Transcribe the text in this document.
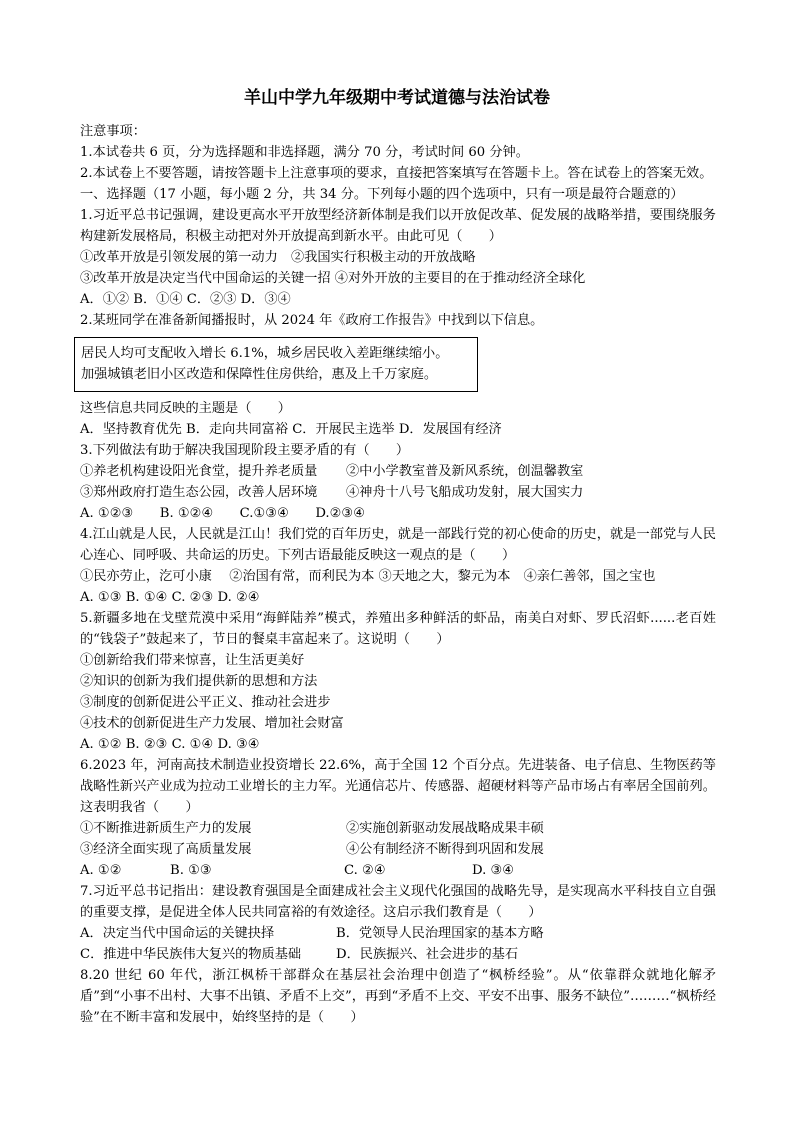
羊山中学九年级期中考试道德与法治试卷
注意事项：
1.本试卷共 6 页，分为选择题和非选择题，满分 70 分，考试时间 60 分钟。
2.本试卷上不要答题，请按答题卡上注意事项的要求，直接把答案填写在答题卡上。答在试卷上的答案无效。
一、选择题（17 小题，每小题 2 分，共 34 分。下列每小题的四个选项中，只有一项是最符合题意的）
1.习近平总书记强调，建设更高水平开放型经济新体制是我们以开放促改革、促发展的战略举措，要围绕服务构建新发展格局，积极主动把对外开放提高到新水平。由此可见（　　）
①改革开放是引领发展的第一动力　②我国实行积极主动的开放战略
③改革开放是决定当代中国命运的关键一招 ④对外开放的主要目的在于推动经济全球化
A．①② B．①④ C．②③ D．③④
2.某班同学在准备新闻播报时，从 2024 年《政府工作报告》中找到以下信息。
居民人均可支配收入增长 6.1%，城乡居民收入差距继续缩小。
加强城镇老旧小区改造和保障性住房供给，惠及上千万家庭。
这些信息共同反映的主题是（　　）
A．坚持教育优先 B．走向共同富裕 C．开展民主选举 D．发展国有经济
3.下列做法有助于解决我国现阶段主要矛盾的有（　　）
①养老机构建设阳光食堂，提升养老质量	②中小学教室普及新风系统，创温馨教室
③郑州政府打造生态公园，改善人居环境	④神舟十八号飞船成功发射，展大国实力
A. ①②③　　B. ①②④　　C.①③④　　D.②③④
4.江山就是人民，人民就是江山！我们党的百年历史，就是一部践行党的初心使命的历史，就是一部党与人民心连心、同呼吸、共命运的历史。下列古语最能反映这一观点的是（　　）
①民亦劳止，汔可小康　 ②治国有常，而利民为本 ③天地之大，黎元为本　④亲仁善邻，国之宝也
A. ①③ B. ①④ C. ②③ D. ②④
5.新疆多地在戈壁荒漠中采用“海鲜陆养”模式，养殖出多种鲜活的虾品，南美白对虾、罗氏沼虾......老百姓的“钱袋子”鼓起来了，节日的餐桌丰富起来了。这说明（　　）
①创新给我们带来惊喜，让生活更美好
②知识的创新为我们提供新的思想和方法
③制度的创新促进公平正义、推动社会进步
④技术的创新促进生产力发展、增加社会财富
A. ①② B. ②③ C. ①④ D. ③④
6.2023 年，河南高技术制造业投资增长 22.6%，高于全国 12 个百分点。先进装备、电子信息、生物医药等战略性新兴产业成为拉动工业增长的主力军。光通信芯片、传感器、超硬材料等产品市场占有率居全国前列。这表明我省（　　）
①不断推进新质生产力的发展	②实施创新驱动发展战略成果丰硕
③经济全面实现了高质量发展	④公有制经济不断得到巩固和发展
A. ①②	B. ①③	C. ②④	D. ③④
7.习近平总书记指出：建设教育强国是全面建成社会主义现代化强国的战略先导，是实现高水平科技自立自强的重要支撑，是促进全体人民共同富裕的有效途径。这启示我们教育是（　　）
A．决定当代中国命运的关键抉择	B．党领导人民治理国家的基本方略
C．推进中华民族伟大复兴的物质基础	D．民族振兴、社会进步的基石
8.20 世纪 60 年代，浙江枫桥干部群众在基层社会治理中创造了“枫桥经验”。从“依靠群众就地化解矛盾”到“小事不出村、大事不出镇、矛盾不上交”，再到“矛盾不上交、平安不出事、服务不缺位”………“枫桥经验”在不断丰富和发展中，始终坚持的是（　　）
